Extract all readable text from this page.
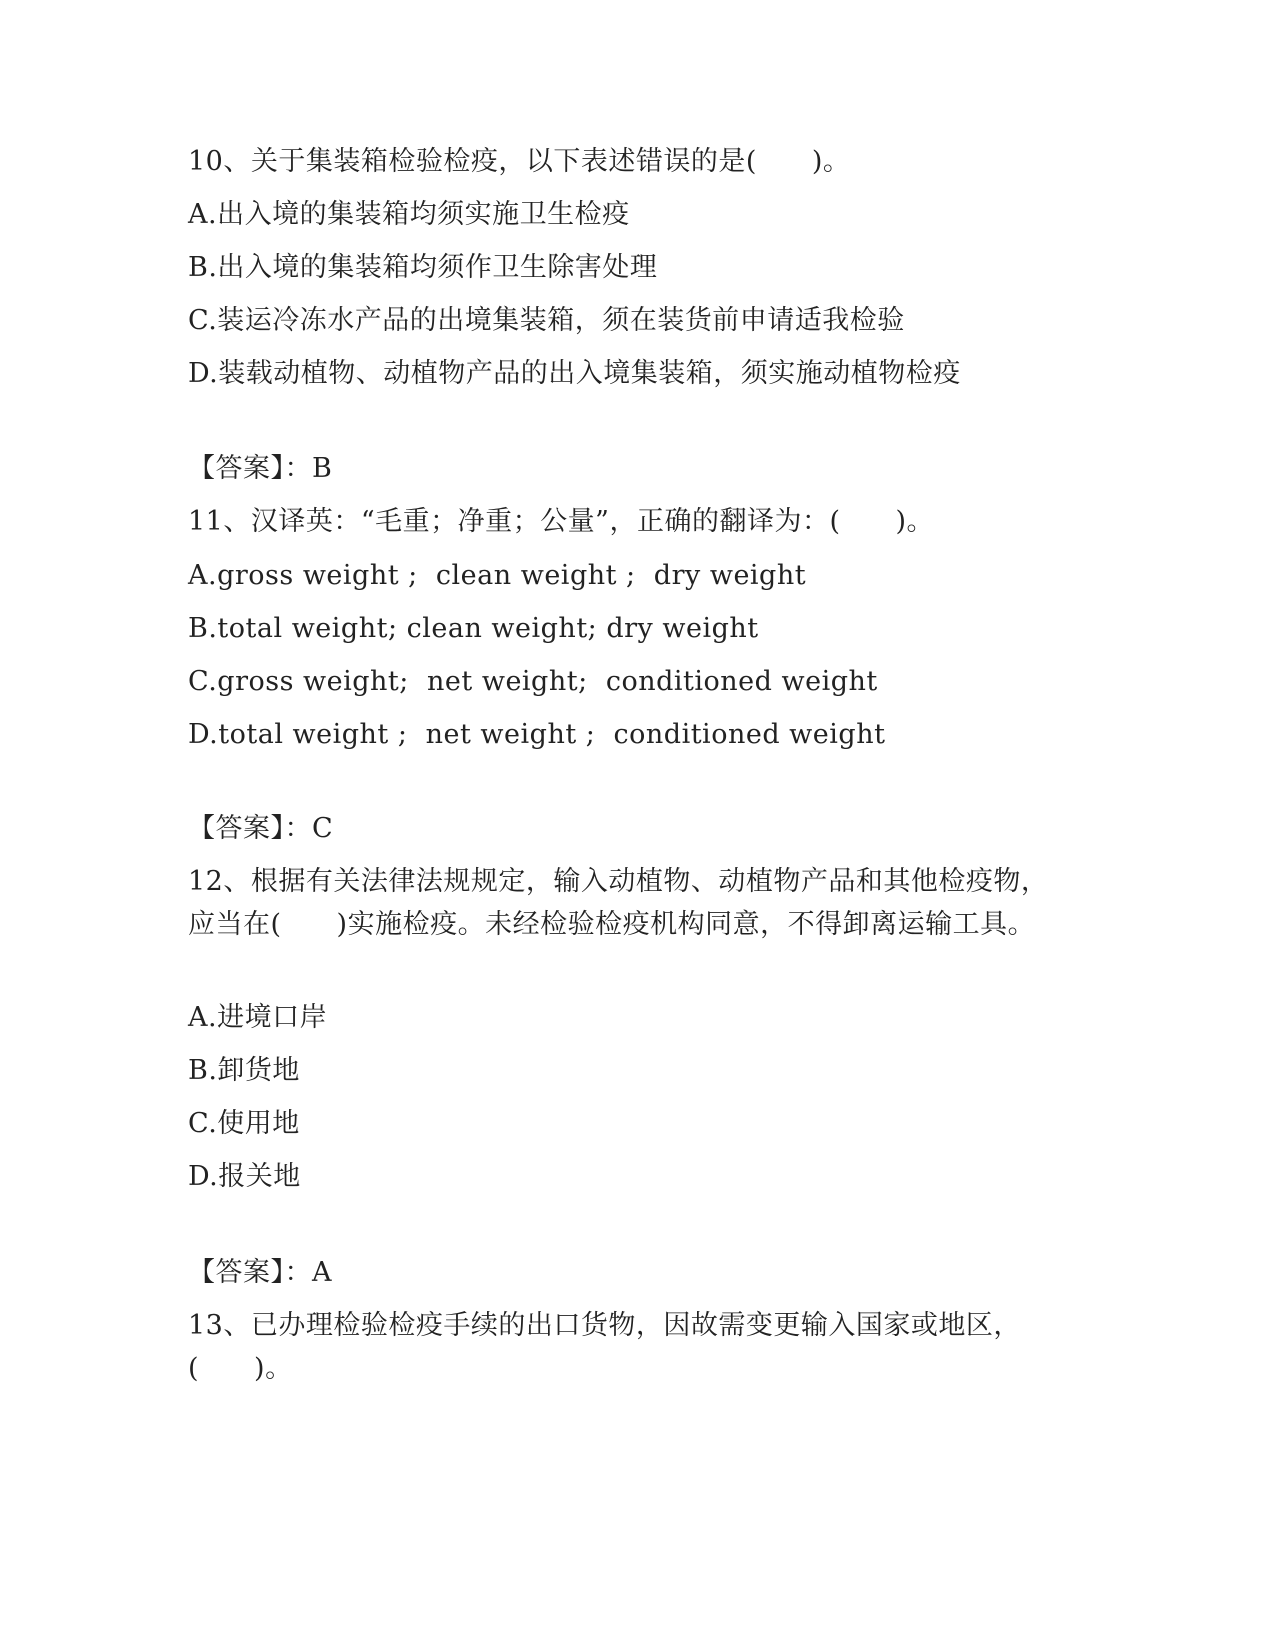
10、关于集装箱检验检疫，以下表述错误的是(　　)。
A.出入境的集装箱均须实施卫生检疫
B.出入境的集装箱均须作卫生除害处理
C.装运冷冻水产品的出境集装箱，须在装货前申请适我检验
D.装载动植物、动植物产品的出入境集装箱，须实施动植物检疫
【答案】：B
11、汉译英：“毛重；净重；公量”，正确的翻译为：(　　)。
A.gross weight ;  clean weight ;  dry weight
B.total weight; clean weight; dry weight
C.gross weight;  net weight;  conditioned weight
D.total weight ;  net weight ;  conditioned weight
【答案】：C
12、根据有关法律法规规定，输入动植物、动植物产品和其他检疫物，应当在(　　)实施检疫。未经检验检疫机构同意，不得卸离运输工具。
A.进境口岸
B.卸货地
C.使用地
D.报关地
【答案】：A
13、已办理检验检疫手续的出口货物，因故需变更输入国家或地区，(　　)。
